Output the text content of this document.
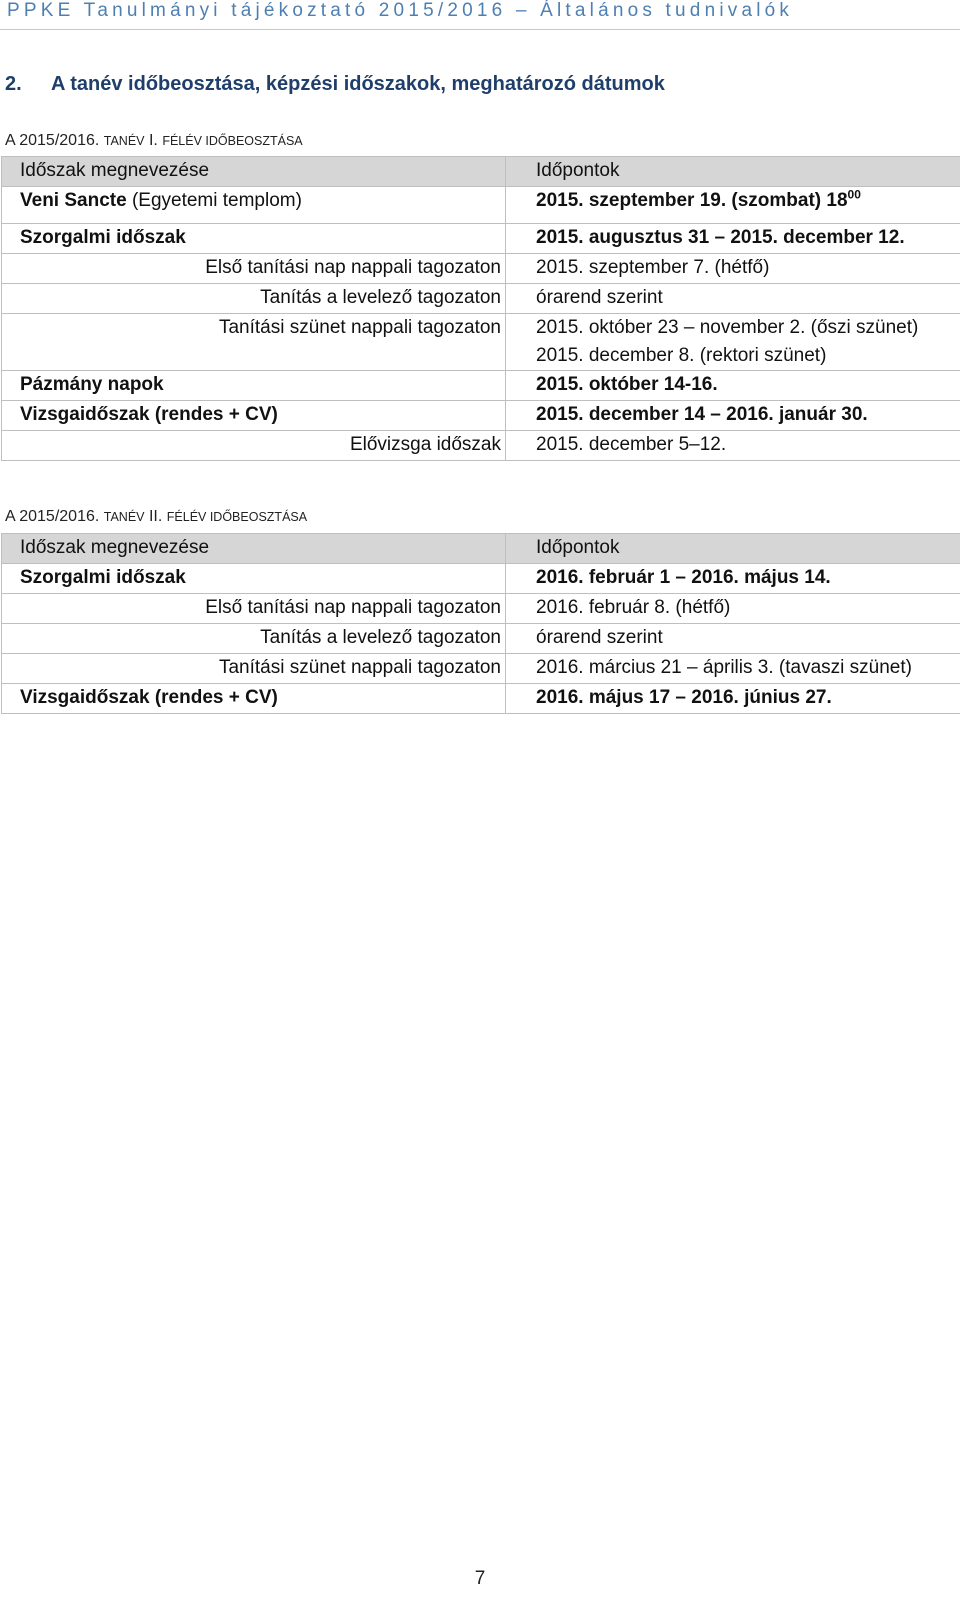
PPKE Tanulmányi tájékoztató 2015/2016 – Általános tudnivalók
2. A tanév időbeosztása, képzési időszakok, meghatározó dátumok
A 2015/2016. TANÉV I. FÉLÉV IDŐBEOSZTÁSA
Időszak megnevezése	Időpontok
Veni Sancte (Egyetemi templom)	2015. szeptember 19. (szombat) $18^{00}$
Szorgalmi időszak	2015. augusztus 31 – 2015. december 12.
Első tanítási nap nappali tagozaton	2015. szeptember 7. (hétfő)
Tanítás a levelező tagozaton	órarend szerint
Tanítási szünet nappali tagozaton	2015. október 23 – november 2. (őszi szünet)
2015. december 8. (rektori szünet)

Pázmány napok	2015. október 14-16.
Vizsgaidőszak (rendes + CV)	2015. december 14 – 2016. január 30.
Elővizsga időszak	2015. december 5–12.
A 2015/2016. TANÉV II. FÉLÉV IDŐBEOSZTÁSA
Időszak megnevezése	Időpontok
Szorgalmi időszak	2016. február 1 – 2016. május 14.
Első tanítási nap nappali tagozaton	2016. február 8. (hétfő)
Tanítás a levelező tagozaton	órarend szerint
Tanítási szünet nappali tagozaton	2016. március 21 – április 3. (tavaszi szünet)
Vizsgaidőszak (rendes + CV)	2016. május 17 – 2016. június 27.
7
